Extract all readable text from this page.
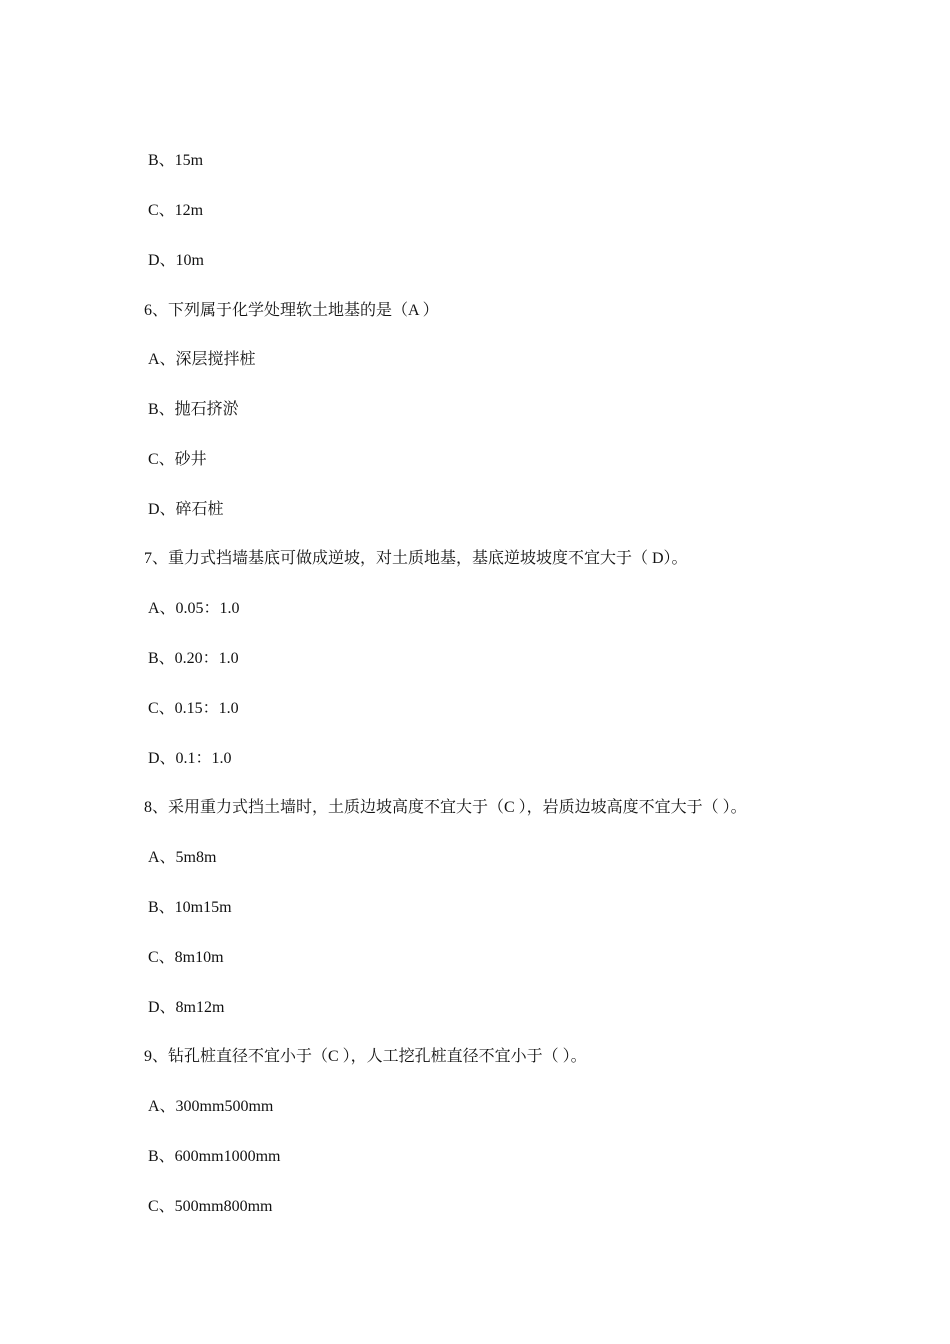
B、15m
C、12m
D、10m
6、下列属于化学处理软土地基的是（A ）
A、深层搅拌桩
B、抛石挤淤
C、砂井
D、碎石桩
7、重力式挡墙基底可做成逆坡，对土质地基，基底逆坡坡度不宜大于（ D）。
A、0.05：1.0
B、0.20：1.0
C、0.15：1.0
D、0.1：1.0
8、采用重力式挡土墙时，土质边坡高度不宜大于（C ），岩质边坡高度不宜大于（ ）。
A、5m8m
B、10m15m
C、8m10m
D、8m12m
9、钻孔桩直径不宜小于（C ），人工挖孔桩直径不宜小于（ ）。
A、300mm500mm
B、600mm1000mm
C、500mm800mm
